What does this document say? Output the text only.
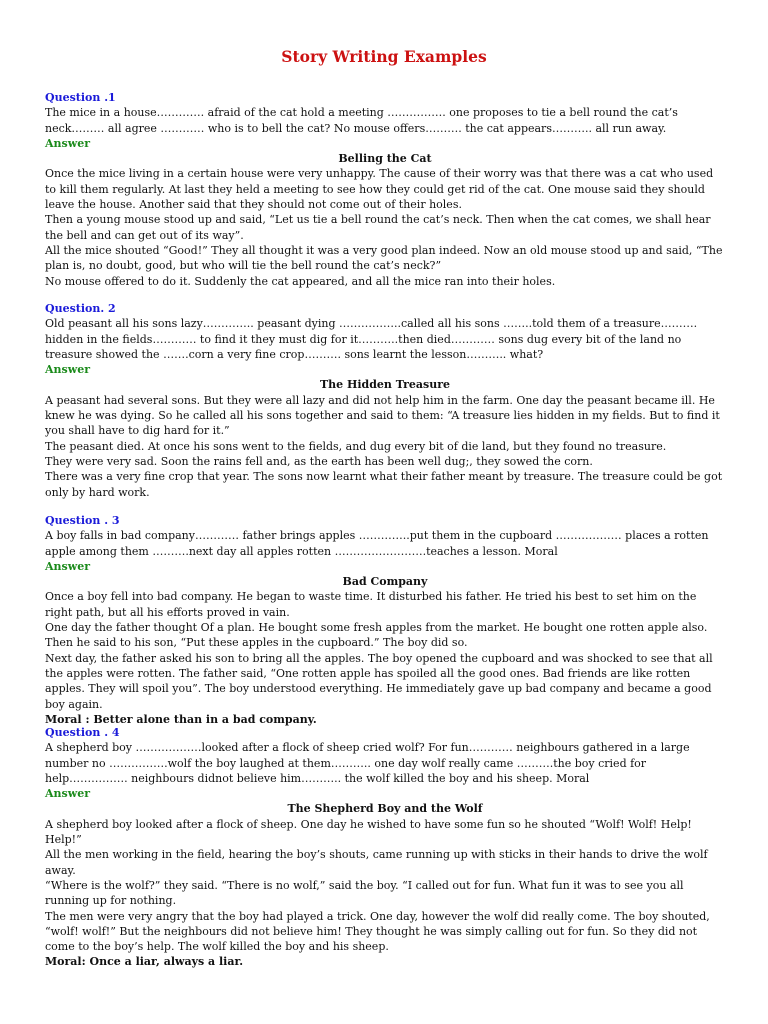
Story Writing Examples

Question .1

The mice in a house…………. afraid of the cat hold a meeting ……………. one proposes to tie a bell round the cat’s neck……… all agree ………… who is to bell the cat? No mouse offers………. the cat appears……….. all run away.

Answer

Belling the Cat

Once the mice living in a certain house were very unhappy. The cause of their worry was that there was a cat who used to kill them regularly. At last they held a meeting to see how they could get rid of the cat. One mouse said they should leave the house. Another said that they should not come out of their holes.

Then a young mouse stood up and said, “Let us tie a bell round the cat’s neck. Then when the cat comes, we shall hear the bell and can get out of its way”.

All the mice shouted “Good!” They all thought it was a very good plan indeed. Now an old mouse stood up and said, “The plan is, no doubt, good, but who will tie the bell round the cat’s neck?”

No mouse offered to do it. Suddenly the cat appeared, and all the mice ran into their holes.

Question. 2

Old peasant all his sons lazy………….. peasant dying ……………..called all his sons ……..told them of a treasure………. hidden in the fields………… to find it they must dig for it………..then died………… sons dug every bit of the land no treasure showed the …….corn a very fine crop………. sons learnt the lesson……….. what?

Answer

The Hidden Treasure

A peasant had several sons. But they were all lazy and did not help him in the farm. One day the peasant became ill. He knew he was dying. So he called all his sons together and said to them: “A treasure lies hidden in my fields. But to find it you shall have to dig hard for it.”

The peasant died. At once his sons went to the fields, and dug every bit of die land, but they found no treasure.

They were very sad. Soon the rains fell and, as the earth has been well dug;, they sowed the corn.

There was a very fine crop that year. The sons now learnt what their father meant by treasure. The treasure could be got only by hard work.

Question . 3

A boy falls in bad company………… father brings apples …………..put them in the cupboard ……………… places a rotten apple among them ……….next day all apples rotten …………………….teaches a lesson. Moral

Answer

Bad Company

Once a boy fell into bad company. He began to waste time. It disturbed his father. He tried his best to set him on the right path, but all his efforts proved in vain.

One day the father thought Of a plan. He bought some fresh apples from the market. He bought one rotten apple also. Then he said to his son, “Put these apples in the cupboard.” The boy did so.

Next day, the father asked his son to bring all the apples. The boy opened the cupboard and was shocked to see that all the apples were rotten. The father said, “One rotten apple has spoiled all the good ones. Bad friends are like rotten apples. They will spoil you”. The boy understood everything. He immediately gave up bad company and became a good boy again.

Moral : Better alone than in a bad company.

Question . 4

A shepherd boy ………………looked after a flock of sheep cried wolf? For fun………… neighbours gathered in a large number no …………….wolf the boy laughed at them……….. one day wolf really came ……….the boy cried for help……………. neighbours didnot believe him……….. the wolf killed the boy and his sheep. Moral

Answer

The Shepherd Boy and the Wolf

A shepherd boy looked after a flock of sheep. One day he wished to have some fun so he shouted “Wolf! Wolf! Help! Help!”

All the men working in the field, hearing the boy’s shouts, came running up with sticks in their hands to drive the wolf away.

“Where is the wolf?” they said. “There is no wolf,” said the boy. “I called out for fun. What fun it was to see you all running up for nothing.

The men were very angry that the boy had played a trick. One day, however the wolf did really come. The boy shouted, “wolf! wolf!” But the neighbours did not believe him! They thought he was simply calling out for fun. So they did not come to the boy’s help. The wolf killed the boy and his sheep.

Moral: Once a liar, always a liar.
